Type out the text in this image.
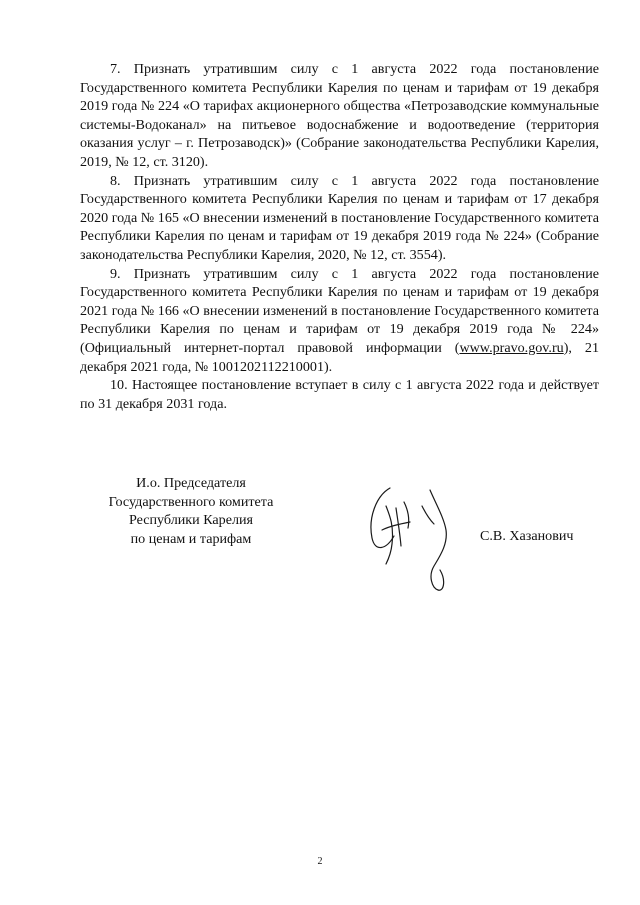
7. Признать утратившим силу с 1 августа 2022 года постановление Государственного комитета Республики Карелия по ценам и тарифам от 19 декабря 2019 года № 224 «О тарифах акционерного общества «Петрозаводские коммунальные системы-Водоканал» на питьевое водоснабжение и водоотведение (территория оказания услуг – г. Петрозаводск)» (Собрание законодательства Республики Карелия, 2019, № 12, ст. 3120).

8. Признать утратившим силу с 1 августа 2022 года постановление Государственного комитета Республики Карелия по ценам и тарифам от 17 декабря 2020 года № 165 «О внесении изменений в постановление Государственного комитета Республики Карелия по ценам и тарифам от 19 декабря 2019 года № 224» (Собрание законодательства Республики Карелия, 2020, № 12, ст. 3554).

9. Признать утратившим силу с 1 августа 2022 года постановление Государственного комитета Республики Карелия по ценам и тарифам от 19 декабря 2021 года № 166 «О внесении изменений в постановление Государственного комитета Республики Карелия по ценам и тарифам от 19 декабря 2019 года № 224» (Официальный интернет-портал правовой информации (www.pravo.gov.ru), 21 декабря 2021 года, № 1001202112210001).

10. Настоящее постановление вступает в силу с 1 августа 2022 года и действует по 31 декабря 2031 года.

И.о. Председателя
Государственного комитета
Республики Карелия
по ценам и тарифам	С.В. Хазанович
2
